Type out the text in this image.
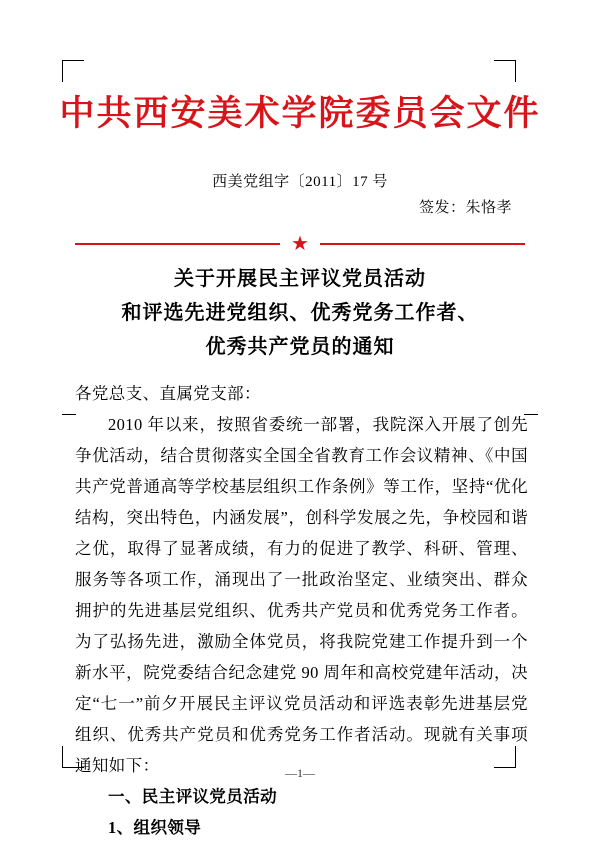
中共西安美术学院委员会文件
西美党组字〔2011〕17 号
签发：朱恪孝
★
关于开展民主评议党员活动
和评选先进党组织、优秀党务工作者、
优秀共产党员的通知

各党总支、直属党支部：

2010 年以来，按照省委统一部署，我院深入开展了创先争优活动，结合贯彻落实全国全省教育工作会议精神、《中国共产党普通高等学校基层组织工作条例》等工作，坚持“优化结构，突出特色，内涵发展”，创科学发展之先，争校园和谐之优，取得了显著成绩，有力的促进了教学、科研、管理、服务等各项工作，涌现出了一批政治坚定、业绩突出、群众拥护的先进基层党组织、优秀共产党员和优秀党务工作者。为了弘扬先进，激励全体党员，将我院党建工作提升到一个新水平，院党委结合纪念建党 90 周年和高校党建年活动，决定“七一”前夕开展民主评议党员活动和评选表彰先进基层党组织、优秀共产党员和优秀党务工作者活动。现就有关事项通知如下：

一、民主评议党员活动

1、组织领导

—1—
